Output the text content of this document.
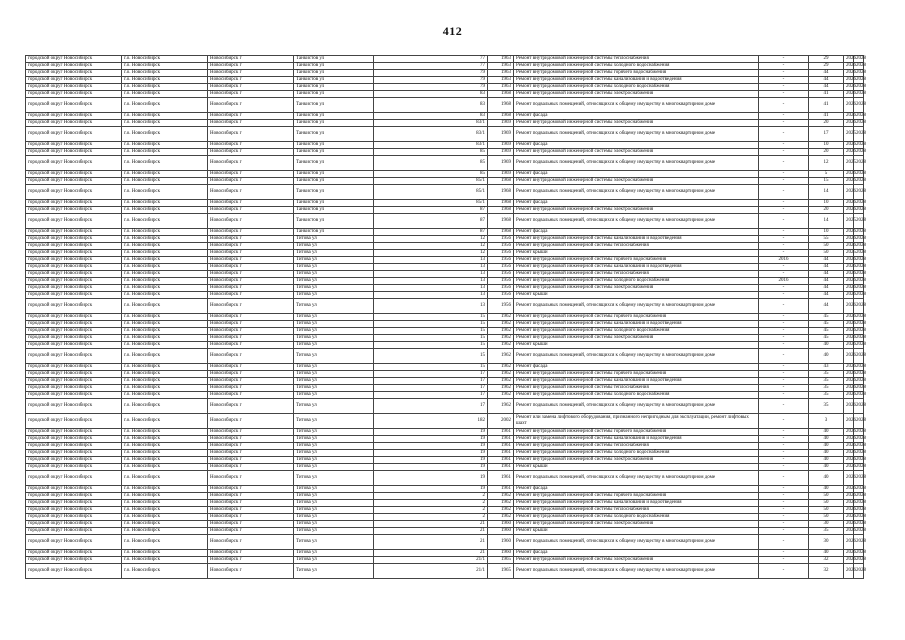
412
городской округ Новосибирск	г.о. Новосибирск	Новосибирск г	Танкистов ул	77	1963	Ремонт внутридомовой инженерной системы теплоснабжения	-	29	2026	2028
городской округ Новосибирск	г.о. Новосибирск	Новосибирск г	Танкистов ул	77	1963	Ремонт внутридомовой инженерной системы холодного водоснабжения	-	29	2026	2028
городской округ Новосибирск	г.о. Новосибирск	Новосибирск г	Танкистов ул	79	1963	Ремонт внутридомовой инженерной системы горячего водоснабжения	-	44	2026	2028
городской округ Новосибирск	г.о. Новосибирск	Новосибирск г	Танкистов ул	79	1963	Ремонт внутридомовой инженерной системы канализования и водоотведения	-	44	2026	2028
городской округ Новосибирск	г.о. Новосибирск	Новосибирск г	Танкистов ул	79	1963	Ремонт внутридомовой инженерной системы холодного водоснабжения	-	44	2026	2028
городской округ Новосибирск	г.о. Новосибирск	Новосибирск г	Танкистов ул	83	1968	Ремонт внутридомовой инженерной системы электроснабжения	-	41	2026	2028
городской округ Новосибирск	г.о. Новосибирск	Новосибирск г	Танкистов ул	83	1968	Ремонт подвальных помещений, относящихся к общему имуществу в многоквартирном доме	-	41	2026	2028
городской округ Новосибирск	г.о. Новосибирск	Новосибирск г	Танкистов ул	83	1968	Ремонт фасада	-	41	2026	2028
городской округ Новосибирск	г.о. Новосибирск	Новосибирск г	Танкистов ул	83/1	1969	Ремонт внутридомовой инженерной системы электроснабжения	-	20	2026	2028
городской округ Новосибирск	г.о. Новосибирск	Новосибирск г	Танкистов ул	83/1	1969	Ремонт подвальных помещений, относящихся к общему имуществу в многоквартирном доме	-	17	2025	2028
городской округ Новосибирск	г.о. Новосибирск	Новосибирск г	Танкистов ул	83/1	1969	Ремонт фасада	-	10	2026	2028
городской округ Новосибирск	г.о. Новосибирск	Новосибирск г	Танкистов ул	85	1969	Ремонт внутридомовой инженерной системы электроснабжения	-	20	2026	2028
городской округ Новосибирск	г.о. Новосибирск	Новосибирск г	Танкистов ул	85	1969	Ремонт подвальных помещений, относящихся к общему имуществу в многоквартирном доме	-	12	2025	2028
городской округ Новосибирск	г.о. Новосибирск	Новосибирск г	Танкистов ул	85	1969	Ремонт фасада	-	5	2026	2028
городской округ Новосибирск	г.о. Новосибирск	Новосибирск г	Танкистов ул	85/1	1968	Ремонт внутридомовой инженерной системы электроснабжения	-	15	2026	2028
городской округ Новосибирск	г.о. Новосибирск	Новосибирск г	Танкистов ул	85/1	1968	Ремонт подвальных помещений, относящихся к общему имуществу в многоквартирном доме	-	14	2026	2028
городской округ Новосибирск	г.о. Новосибирск	Новосибирск г	Танкистов ул	85/1	1968	Ремонт фасада	-	10	2026	2028
городской округ Новосибирск	г.о. Новосибирск	Новосибирск г	Танкистов ул	87	1968	Ремонт внутридомовой инженерной системы электроснабжения	-	20	2026	2028
городской округ Новосибирск	г.о. Новосибирск	Новосибирск г	Танкистов ул	87	1968	Ремонт подвальных помещений, относящихся к общему имуществу в многоквартирном доме	-	14	2025	2028
городской округ Новосибирск	г.о. Новосибирск	Новосибирск г	Танкистов ул	87	1968	Ремонт фасада	-	10	2026	2028
городской округ Новосибирск	г.о. Новосибирск	Новосибирск г	Титова ул	12	1956	Ремонт внутридомовой инженерной системы канализования и водоотведения	-	55	2026	2028
городской округ Новосибирск	г.о. Новосибирск	Новосибирск г	Титова ул	12	1956	Ремонт внутридомовой инженерной системы теплоснабжения	-	50	2026	2028
городской округ Новосибирск	г.о. Новосибирск	Новосибирск г	Титова ул	12	1956	Ремонт крыши	-	50	2025	2028
городской округ Новосибирск	г.о. Новосибирск	Новосибирск г	Титова ул	13	1956	Ремонт внутридомовой инженерной системы горячего водоснабжения	2016	44	2026	2028
городской округ Новосибирск	г.о. Новосибирск	Новосибирск г	Титова ул	13	1956	Ремонт внутридомовой инженерной системы канализования и водоотведения	-	44	2026	2028
городской округ Новосибирск	г.о. Новосибирск	Новосибирск г	Титова ул	13	1956	Ремонт внутридомовой инженерной системы теплоснабжения	-	44	2026	2028
городской округ Новосибирск	г.о. Новосибирск	Новосибирск г	Титова ул	13	1956	Ремонт внутридомовой инженерной системы холодного водоснабжения	2016	44	2026	2028
городской округ Новосибирск	г.о. Новосибирск	Новосибирск г	Титова ул	13	1956	Ремонт внутридомовой инженерной системы электроснабжения	-	44	2026	2028
городской округ Новосибирск	г.о. Новосибирск	Новосибирск г	Титова ул	13	1956	Ремонт крыши	-	44	2026	2028
городской округ Новосибирск	г.о. Новосибирск	Новосибирск г	Титова ул	13	1956	Ремонт подвальных помещений, относящихся к общему имуществу в многоквартирном доме	-	44	2026	2028
городской округ Новосибирск	г.о. Новосибирск	Новосибирск г	Титова ул	15	1962	Ремонт внутридомовой инженерной системы горячего водоснабжения	-	45	2026	2028
городской округ Новосибирск	г.о. Новосибирск	Новосибирск г	Титова ул	15	1962	Ремонт внутридомовой инженерной системы канализования и водоотведения	-	45	2026	2028
городской округ Новосибирск	г.о. Новосибирск	Новосибирск г	Титова ул	15	1962	Ремонт внутридомовой инженерной системы холодного водоснабжения	-	45	2026	2028
городской округ Новосибирск	г.о. Новосибирск	Новосибирск г	Титова ул	15	1962	Ремонт внутридомовой инженерной системы электроснабжения	-	45	2026	2028
городской округ Новосибирск	г.о. Новосибирск	Новосибирск г	Титова ул	15	1962	Ремонт крыши	-	40	2026	2028
городской округ Новосибирск	г.о. Новосибирск	Новосибирск г	Титова ул	15	1962	Ремонт подвальных помещений, относящихся к общему имуществу в многоквартирном доме	-	40	2026	2028
городской округ Новосибирск	г.о. Новосибирск	Новосибирск г	Титова ул	15	1962	Ремонт фасада	-	43	2026	2028
городской округ Новосибирск	г.о. Новосибирск	Новосибирск г	Титова ул	17	1962	Ремонт внутридомовой инженерной системы горячего водоснабжения	-	35	2026	2028
городской округ Новосибирск	г.о. Новосибирск	Новосибирск г	Титова ул	17	1962	Ремонт внутридомовой инженерной системы канализования и водоотведения	-	35	2026	2028
городской округ Новосибирск	г.о. Новосибирск	Новосибирск г	Титова ул	17	1962	Ремонт внутридомовой инженерной системы теплоснабжения	-	35	2026	2028
городской округ Новосибирск	г.о. Новосибирск	Новосибирск г	Титова ул	17	1962	Ремонт внутридомовой инженерной системы холодного водоснабжения	-	35	2026	2028
городской округ Новосибирск	г.о. Новосибирск	Новосибирск г	Титова ул	17	1962	Ремонт подвальных помещений, относящихся к общему имуществу в многоквартирном доме	-	35	2026	2028
городской округ Новосибирск	г.о. Новосибирск	Новосибирск г	Титова ул	182	2002	Ремонт или замена лифтового оборудования, признанного непригодным для эксплуатации, ремонт лифтовых шахт	-	3	2026	2028
городской округ Новосибирск	г.о. Новосибирск	Новосибирск г	Титова ул	19	1961	Ремонт внутридомовой инженерной системы горячего водоснабжения	-	40	2026	2028
городской округ Новосибирск	г.о. Новосибирск	Новосибирск г	Титова ул	19	1961	Ремонт внутридомовой инженерной системы канализования и водоотведения	-	40	2026	2028
городской округ Новосибирск	г.о. Новосибирск	Новосибирск г	Титова ул	19	1961	Ремонт внутридомовой инженерной системы теплоснабжения	-	40	2026	2028
городской округ Новосибирск	г.о. Новосибирск	Новосибирск г	Титова ул	19	1961	Ремонт внутридомовой инженерной системы холодного водоснабжения	-	40	2026	2028
городской округ Новосибирск	г.о. Новосибирск	Новосибирск г	Титова ул	19	1961	Ремонт внутридомовой инженерной системы электроснабжения	-	40	2026	2028
городской округ Новосибирск	г.о. Новосибирск	Новосибирск г	Титова ул	19	1961	Ремонт крыши	-	40	2026	2028
городской округ Новосибирск	г.о. Новосибирск	Новосибирск г	Титова ул	19	1961	Ремонт подвальных помещений, относящихся к общему имуществу в многоквартирном доме	-	40	2026	2028
городской округ Новосибирск	г.о. Новосибирск	Новосибирск г	Титова ул	19	1961	Ремонт фасада	-	40	2026	2028
городской округ Новосибирск	г.о. Новосибирск	Новосибирск г	Титова ул	2	1962	Ремонт внутридомовой инженерной системы горячего водоснабжения	-	50	2026	2028
городской округ Новосибирск	г.о. Новосибирск	Новосибирск г	Титова ул	2	1962	Ремонт внутридомовой инженерной системы канализования и водоотведения	-	50	2026	2028
городской округ Новосибирск	г.о. Новосибирск	Новосибирск г	Титова ул	2	1962	Ремонт внутридомовой инженерной системы теплоснабжения	-	50	2026	2028
городской округ Новосибирск	г.о. Новосибирск	Новосибирск г	Титова ул	2	1962	Ремонт внутридомовой инженерной системы холодного водоснабжения	-	50	2026	2028
городской округ Новосибирск	г.о. Новосибирск	Новосибирск г	Титова ул	21	1960	Ремонт внутридомовой инженерной системы электроснабжения	-	30	2026	2028
городской округ Новосибирск	г.о. Новосибирск	Новосибирск г	Титова ул	21	1960	Ремонт крыши	-	35	2026	2028
городской округ Новосибирск	г.о. Новосибирск	Новосибирск г	Титова ул	21	1960	Ремонт подвальных помещений, относящихся к общему имуществу в многоквартирном доме	-	30	2026	2028
городской округ Новосибирск	г.о. Новосибирск	Новосибирск г	Титова ул	21	1960	Ремонт фасада	-	40	2026	2028
городской округ Новосибирск	г.о. Новосибирск	Новосибирск г	Титова ул	21/1	1965	Ремонт внутридомовой инженерной системы электроснабжения	-	32	2026	2028
городской округ Новосибирск	г.о. Новосибирск	Новосибирск г	Титова ул	21/1	1965	Ремонт подвальных помещений, относящихся к общему имуществу в многоквартирном доме	-	32	2026	2028
